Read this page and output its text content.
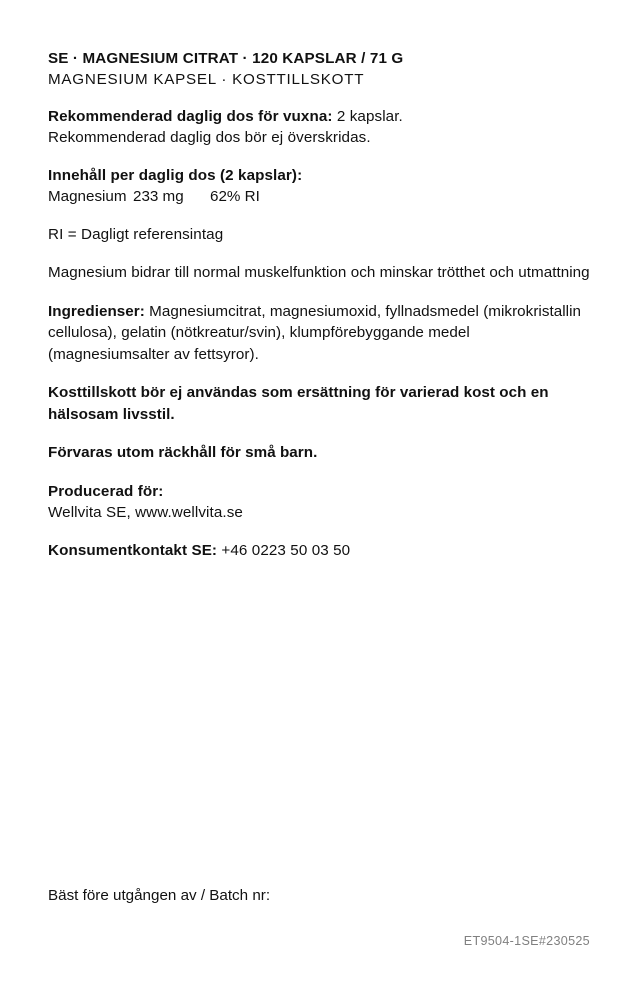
SE · MAGNESIUM CITRAT · 120 KAPSLAR / 71 G
MAGNESIUM KAPSEL · KOSTTILLSKOTT
Rekommenderad daglig dos för vuxna: 2 kapslar.
Rekommenderad daglig dos bör ej överskridas.
Innehåll per daglig dos (2 kapslar):
Magnesium 233 mg 62% RI
RI = Dagligt referensintag
Magnesium bidrar till normal muskelfunktion och minskar trötthet och utmattning
Ingredienser: Magnesiumcitrat, magnesiumoxid, fyllnadsmedel (mikrokristallin cellulosa), gelatin (nötkreatur/svin), klumpförebyggande medel (magnesiumsalter av fettsyror).
Kosttillskott bör ej användas som ersättning för varierad kost och en hälsosam livsstil.
Förvaras utom räckhåll för små barn.
Producerad för:
Wellvita SE, www.wellvita.se
Konsumentkontakt SE: +46 0223 50 03 50
Bäst före utgången av / Batch nr:
ET9504-1SE#230525
